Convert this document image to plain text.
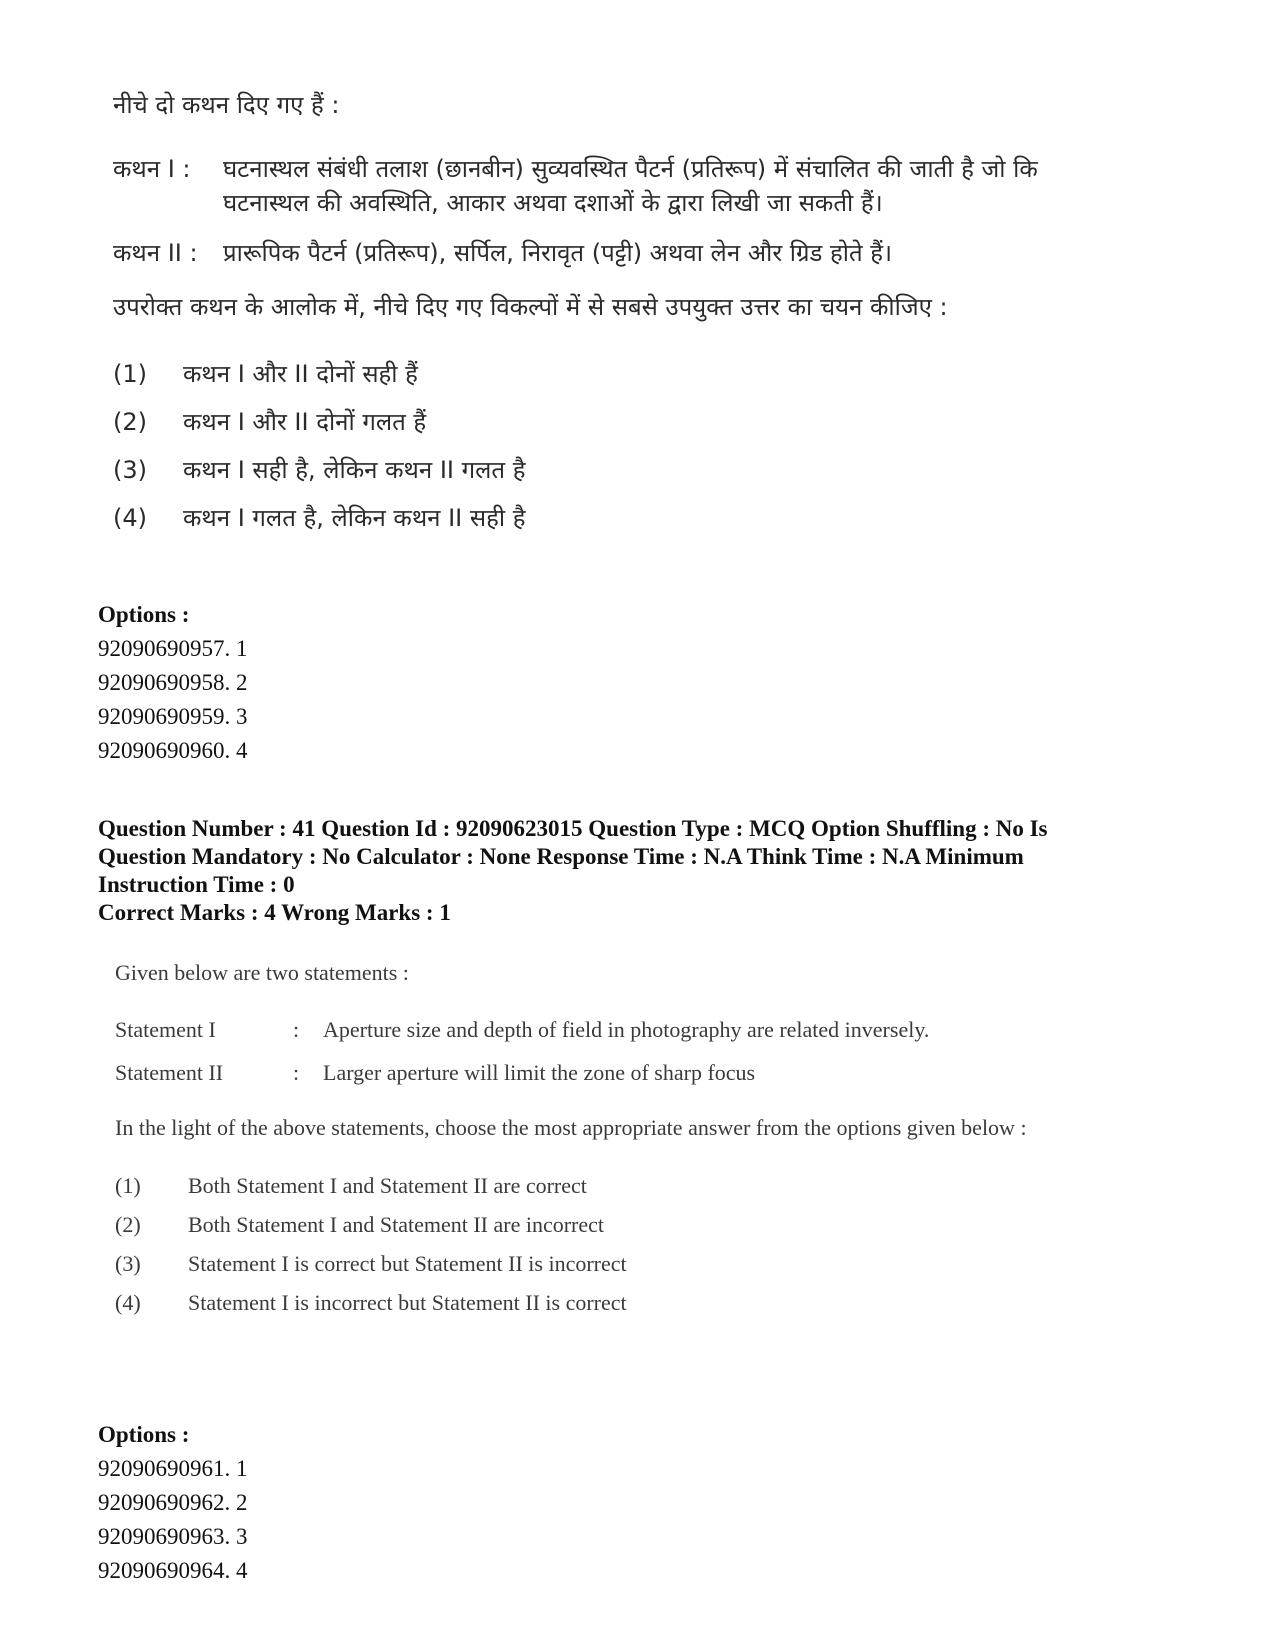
नीचे दो कथन दिए गए हैं :
कथन I :	घटनास्थल संबंधी तलाश (छानबीन) सुव्यवस्थित पैटर्न (प्रतिरूप) में संचालित की जाती है जो कि घटनास्थल की अवस्थिति, आकार अथवा दशाओं के द्वारा लिखी जा सकती हैं।
कथन II :	प्रारूपिक पैटर्न (प्रतिरूप), सर्पिल, निरावृत (पट्टी) अथवा लेन और ग्रिड होते हैं।
उपरोक्त कथन के आलोक में, नीचे दिए गए विकल्पों में से सबसे उपयुक्त उत्तर का चयन कीजिए :
(1)	कथन I और II दोनों सही हैं
(2)	कथन I और II दोनों गलत हैं
(3)	कथन I सही है, लेकिन कथन II गलत है
(4)	कथन I गलत है, लेकिन कथन II सही है
Options :
92090690957. 1
92090690958. 2
92090690959. 3
92090690960. 4
Question Number : 41 Question Id : 92090623015 Question Type : MCQ Option Shuffling : No Is
Question Mandatory : No Calculator : None Response Time : N.A Think Time : N.A Minimum
Instruction Time : 0
Correct Marks : 4 Wrong Marks : 1
Given below are two statements :
Statement I	:	Aperture size and depth of field in photography are related inversely.
Statement II	:	Larger aperture will limit the zone of sharp focus
In the light of the above statements, choose the most appropriate answer from the options given below :
(1)	Both Statement I and Statement II are correct
(2)	Both Statement I and Statement II are incorrect
(3)	Statement I is correct but Statement II is incorrect
(4)	Statement I is incorrect but Statement II is correct
Options :
92090690961. 1
92090690962. 2
92090690963. 3
92090690964. 4
